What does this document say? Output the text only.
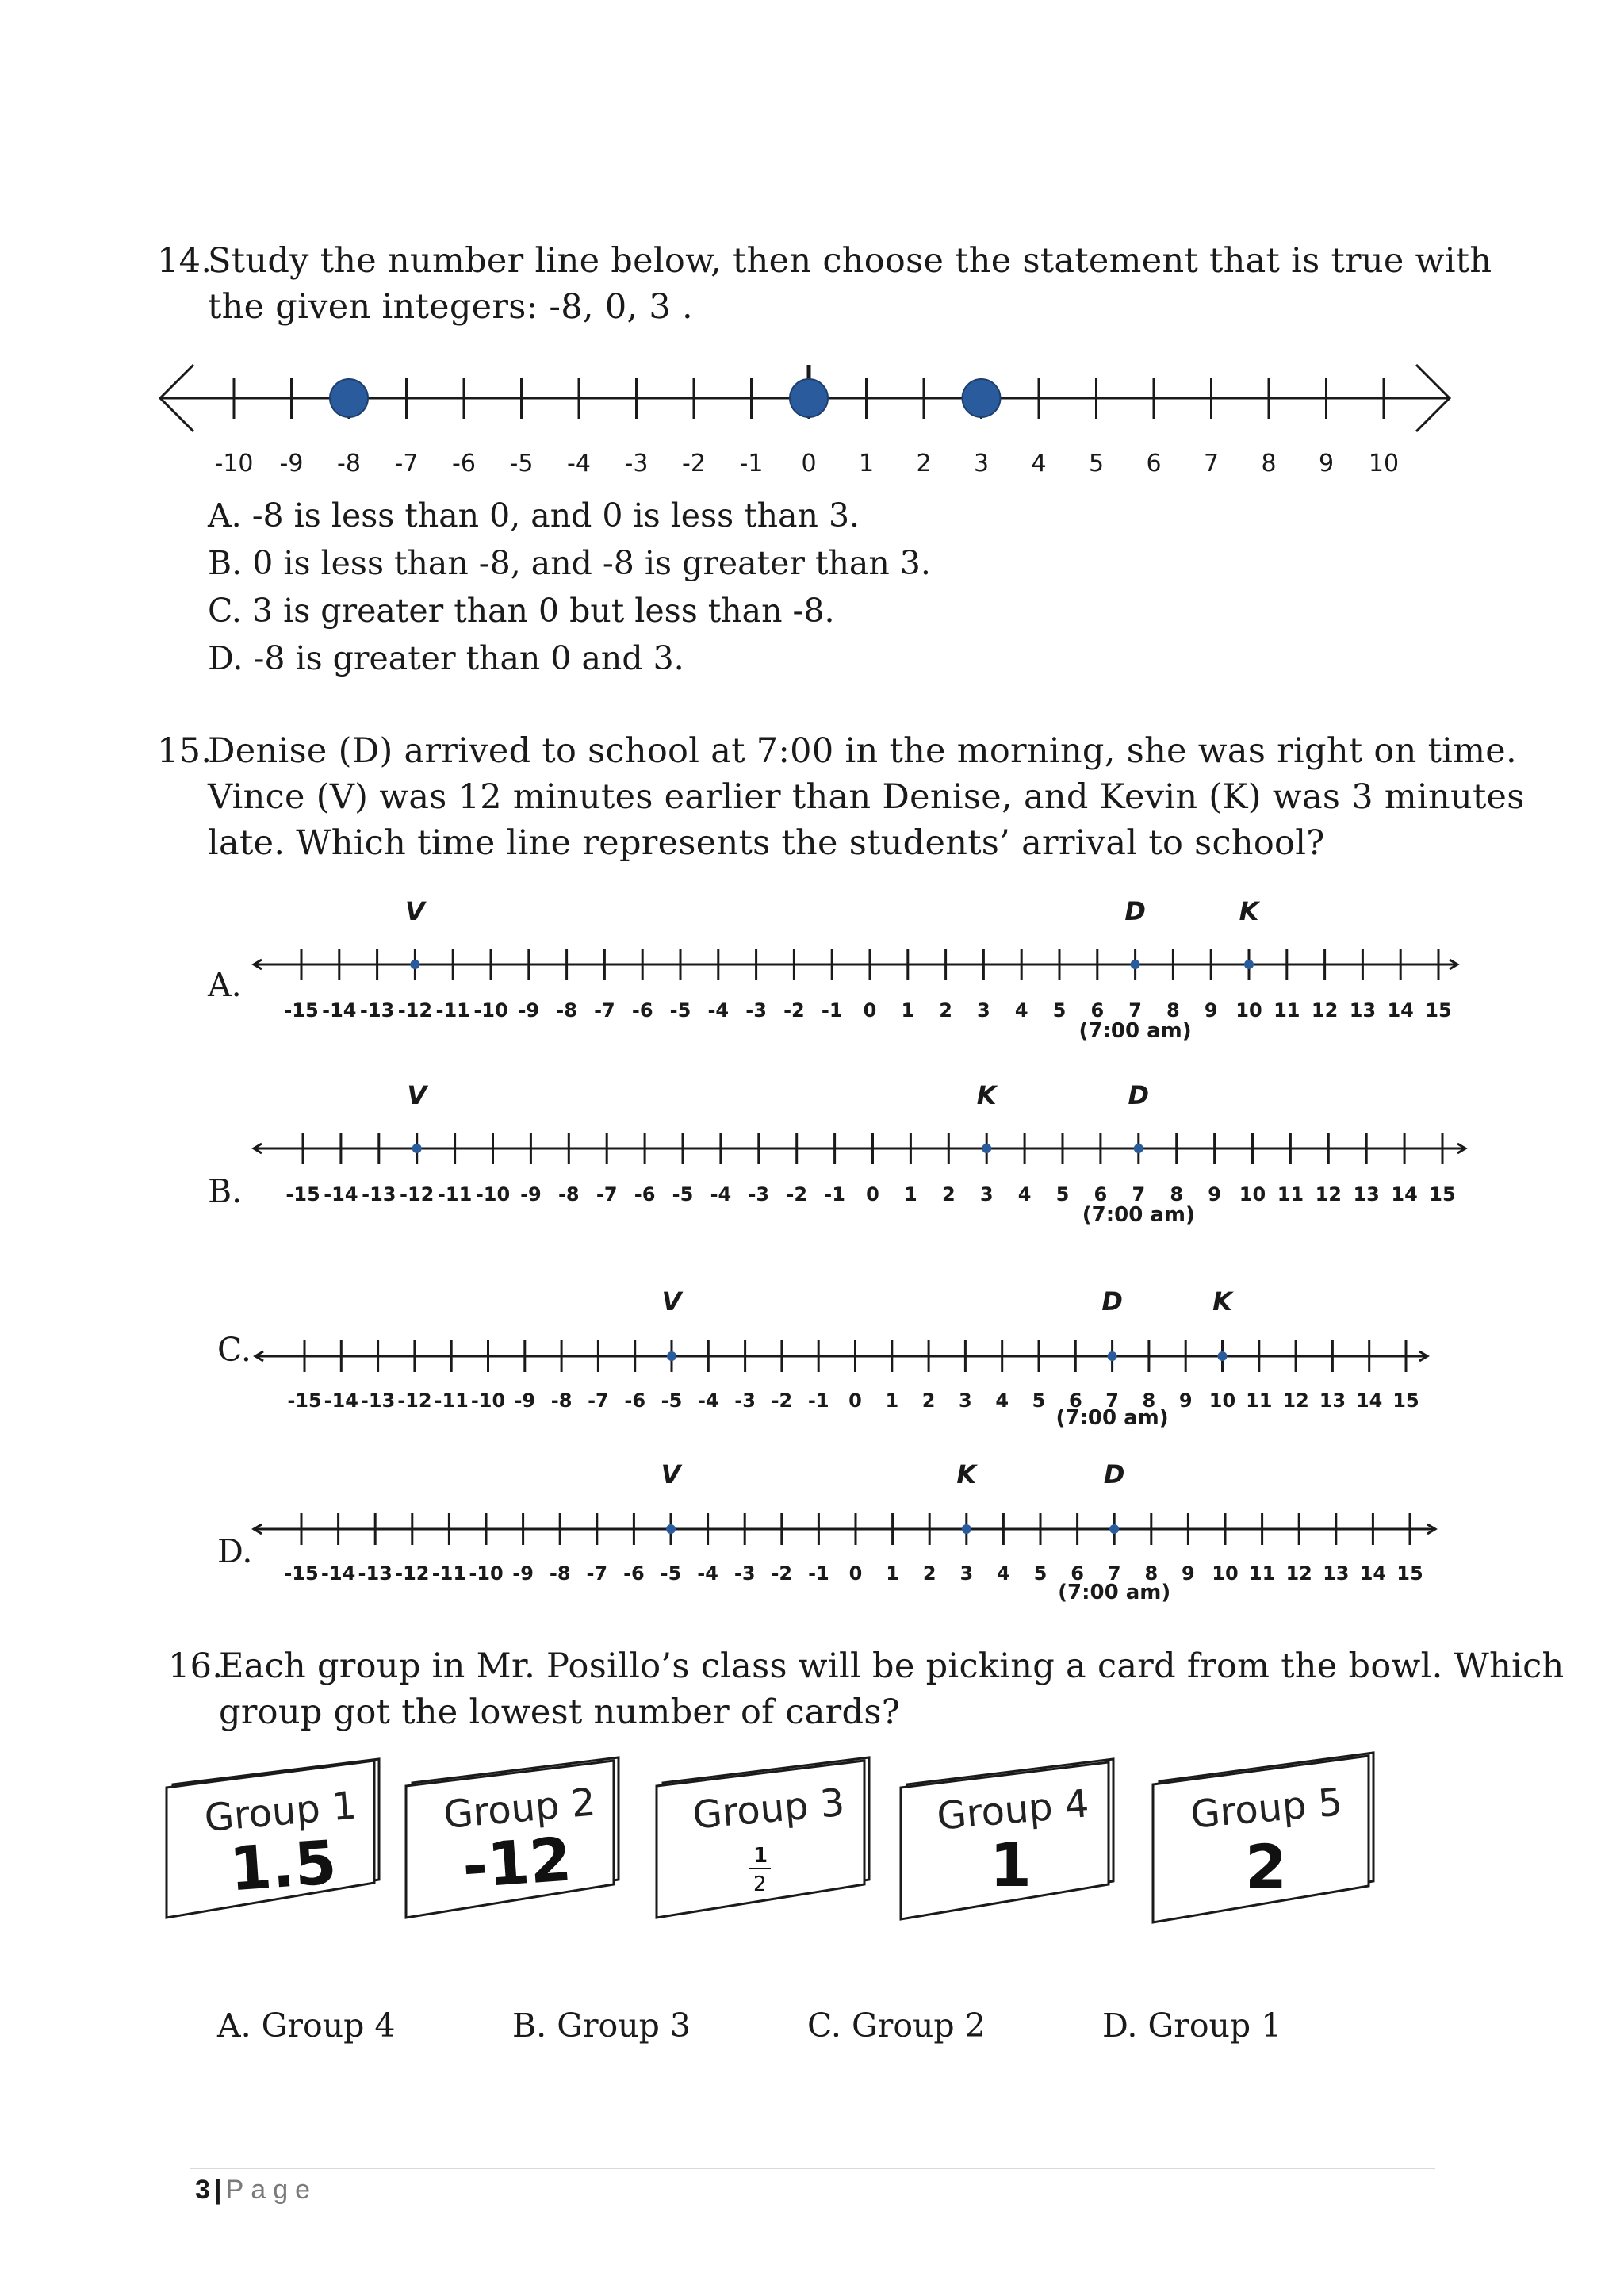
14.
Study the number line below, then choose the statement that is true with
the given integers: -8, 0, 3 .
-10 -9 -8 -7 -6 -5 -4 -3 -2 -1 0 1 2 3 4 5 6 7 8 9 10
A. -8 is less than 0, and 0 is less than 3.
B. 0 is less than -8, and -8 is greater than 3.
C. 3 is greater than 0 but less than -8.
D. -8 is greater than 0 and 3.
15.
Denise (D) arrived to school at 7:00 in the morning, she was right on time.
Vince (V) was 12 minutes earlier than Denise, and Kevin (K) was 3 minutes
late. Which time line represents the students’ arrival to school?
A.
B.
C.
D.
-15 -14 -13 -12 -11 -10 -9 -8 -7 -6 -5 -4 -3 -2 -1 0 1 2 3 4 5 6 7 8 9 10 11 12 13 14 15
(7:00 am)
V	D	K
-15 -14 -13 -12 -11 -10 -9 -8 -7 -6 -5 -4 -3 -2 -1 0 1 2 3 4 5 6 7 8 9 10 11 12 13 14 15
(7:00 am)
V	K	D
-15 -14 -13 -12 -11 -10 -9 -8 -7 -6 -5 -4 -3 -2 -1 0 1 2 3 4 5 6 7 8 9 10 11 12 13 14 15
(7:00 am)
V	D	K
-15 -14 -13 -12 -11 -10 -9 -8 -7 -6 -5 -4 -3 -2 -1 0 1 2 3 4 5 6 7 8 9 10 11 12 13 14 15
(7:00 am)
V	K	D
16.
Each group in Mr. Posillo’s class will be picking a card from the bowl. Which
group got the lowest number of cards?
Group 1
1.5
Group 2
-12
Group 3
1
2
Group 4
1
Group 5
2
A. Group 4	B. Group 3	C. Group 2	D. Group 1
3 | Page
